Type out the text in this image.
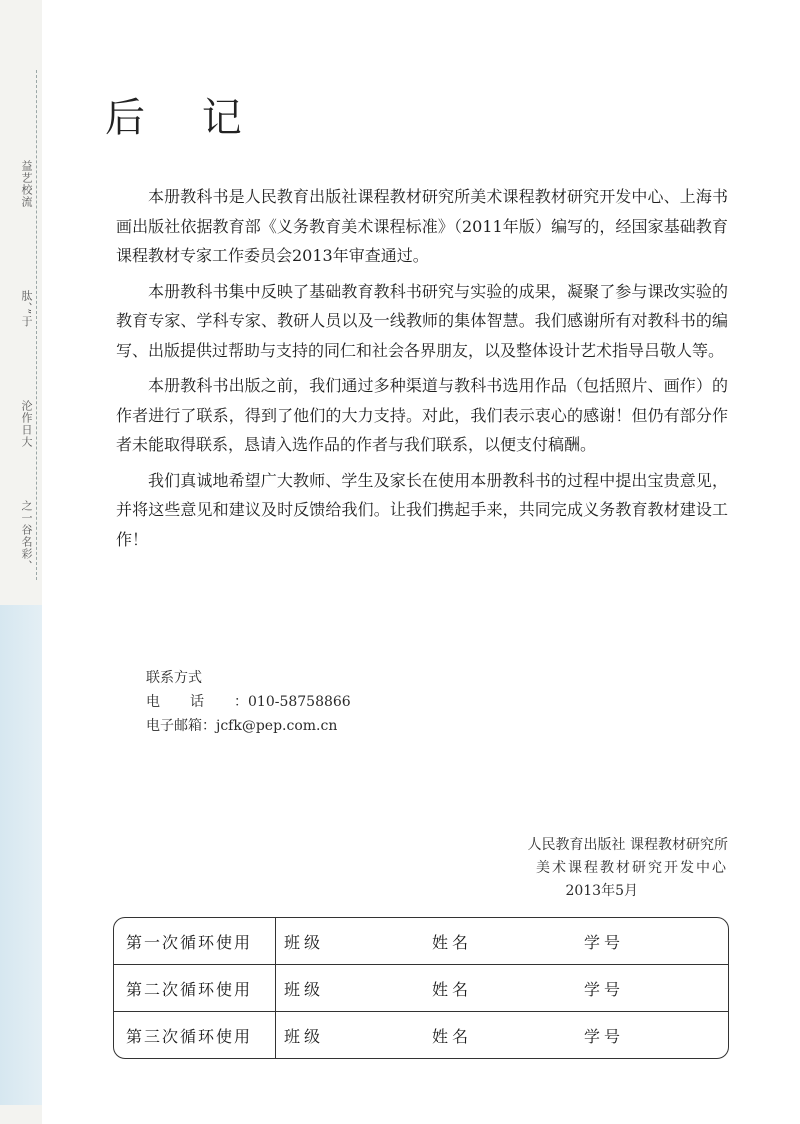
益艺校流
肽、”于
沦作日大
之一谷名彩、
后 记

本册教科书是人民教育出版社课程教材研究所美术课程教材研究开发中心、上海书画出版社依据教育部《义务教育美术课程标准》（2011年版）编写的，经国家基础教育课程教材专家工作委员会2013年审查通过。

本册教科书集中反映了基础教育教科书研究与实验的成果，凝聚了参与课改实验的教育专家、学科专家、教研人员以及一线教师的集体智慧。我们感谢所有对教科书的编写、出版提供过帮助与支持的同仁和社会各界朋友，以及整体设计艺术指导吕敬人等。

本册教科书出版之前，我们通过多种渠道与教科书选用作品（包括照片、画作）的作者进行了联系，得到了他们的大力支持。对此，我们表示衷心的感谢！但仍有部分作者未能取得联系，恳请入选作品的作者与我们联系，以便支付稿酬。

我们真诚地希望广大教师、学生及家长在使用本册教科书的过程中提出宝贵意见，并将这些意见和建议及时反馈给我们。让我们携起手来，共同完成义务教育教材建设工作！

联系方式
电话：010-58758866
电子邮箱：jcfk@pep.com.cn
人民教育出版社 课程教材研究所
美术课程教材研究开发中心
2013年5月
第一次循环使用	班级	姓名	学号
第二次循环使用	班级	姓名	学号
第三次循环使用	班级	姓名	学号
